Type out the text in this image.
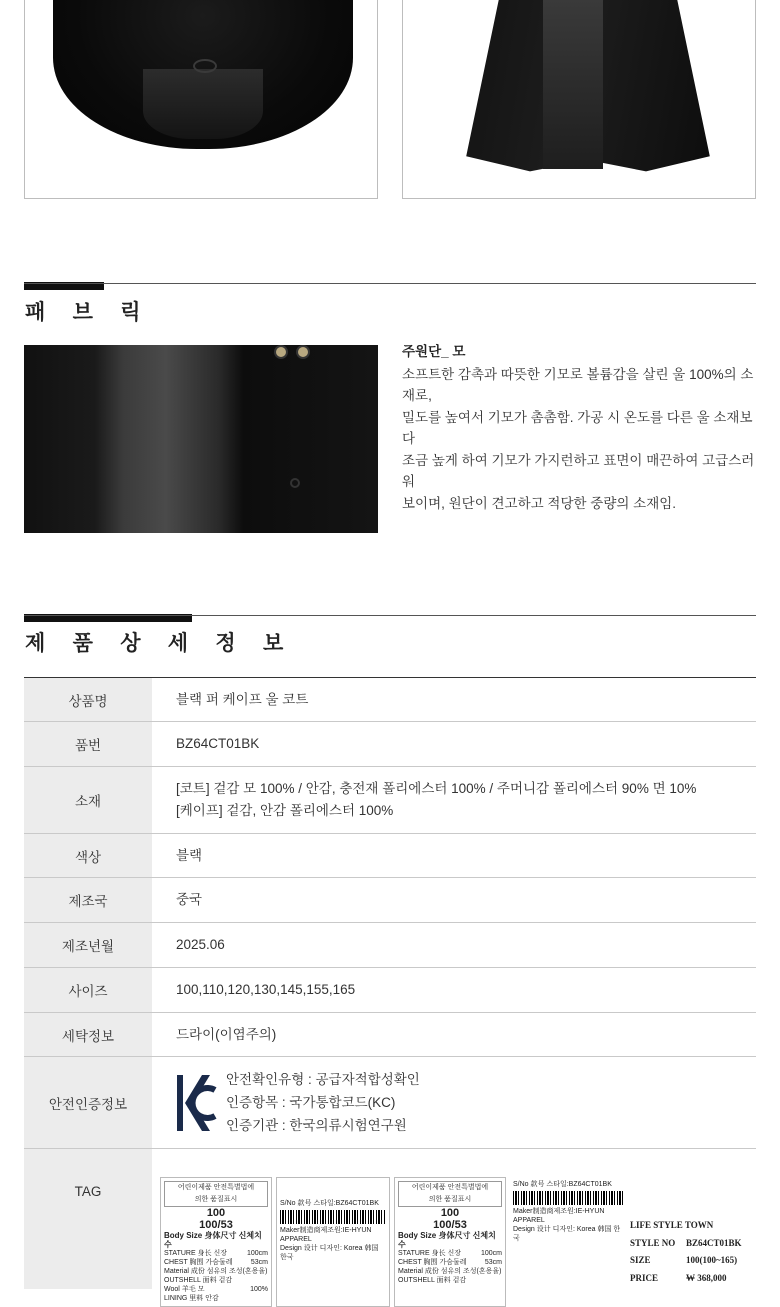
패 브 릭
주원단_ 모
소프트한 감촉과 따뜻한 기모로 볼륨감을 살린 울 100%의 소재로,
밀도를 높여서 기모가 촘촘함. 가공 시 온도를 다른 울 소재보다
조금 높게 하여 기모가 가지런하고 표면이 매끈하여 고급스러워
보이며, 원단이 견고하고 적당한 중량의 소재임.
제 품 상 세 정 보
상품명	블랙 퍼 케이프 울 코트
품번	BZ64CT01BK
소재
[코트] 겉감 모 100% / 안감, 충전재 폴리에스터 100% / 주머니감 폴리에스터 90% 면 10%
[케이프] 겉감, 안감 폴리에스터 100%
색상	블랙
제조국	중국
제조년월	2025.06
사이즈	100,110,120,130,145,155,165
세탁정보	드라이(이염주의)
안전인증정보
안전확인유형 : 공급자적합성확인
인증항목 : 국가통합코드(KC)
인증기관 : 한국의류시험연구원
TAG	어린이제품 안전특별법에
의한 품질표시
100
100/53
Body Size 身体尺寸 신체치수
STATURE 身长 신장	100cm
CHEST 胸围 가슴둘레	53cm
Material 成份 섬유의 조성(혼용율)
OUTSHELL 面料 겉감
Wool 羊毛 모	100%
LINING 里料 안감
S/No 款号 스타일:BZ64CT01BK
Maker制造商제조원:IE-HYUN APPAREL
Design 设计 디자인: Korea 韩国 한국
어린이제품 안전특별법에
의한 품질표시
100
100/53
Body Size 身体尺寸 신체치수
STATURE 身长 신장	100cm
CHEST 胸围 가슴둘레	53cm
Material 成份 섬유의 조성(혼용율)
OUTSHELL 面料 겉감
S/No 款号 스타일:BZ64CT01BK
Maker制造商제조원:IE-HYUN APPAREL
Design 设计 디자인: Korea 韩国 한국
LIFE STYLE TOWN
STYLE NO	BZ64CT01BK
SIZE	100(100~165)
PRICE	₩ 368,000
